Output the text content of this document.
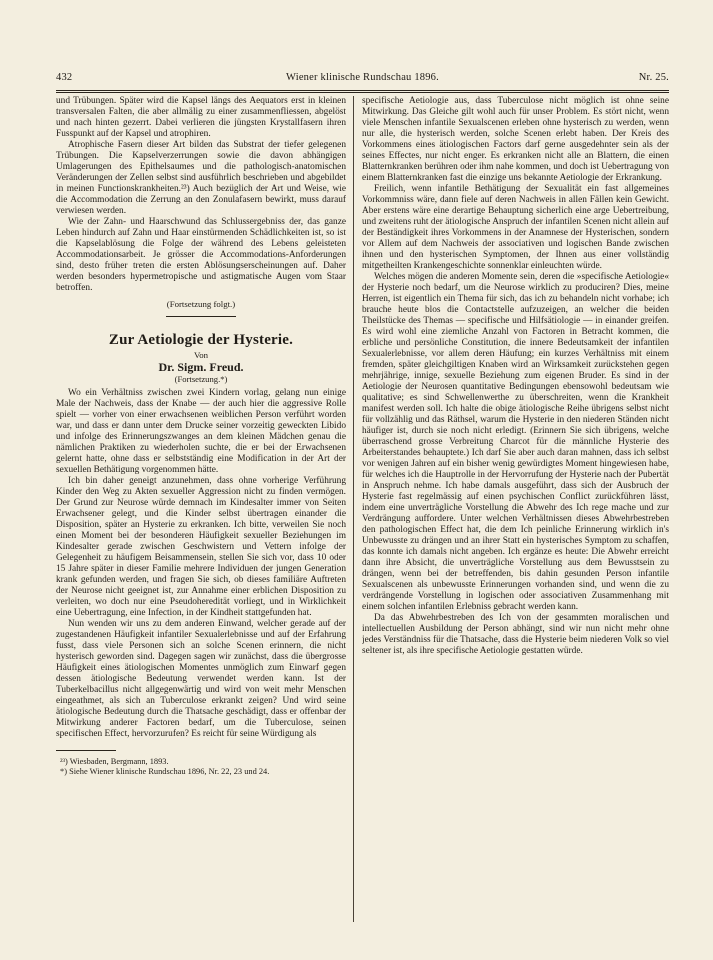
432	Wiener klinische Rundschau 1896.	Nr. 25.

und Trübungen. Später wird die Kapsel längs des Aequators erst in kleinen transversalen Falten, die aber allmälig zu einer zusammenfliessen, abgelöst und nach hinten gezerrt. Dabei verlieren die jüngsten Krystallfasern ihren Fusspunkt auf der Kapsel und atrophiren.

Atrophische Fasern dieser Art bilden das Substrat der tiefer gelegenen Trübungen. Die Kapselverzerrungen sowie die davon abhängigen Umlagerungen des Epithelsaumes und die pathologisch-anatomischen Veränderungen der Zellen selbst sind ausführlich beschrieben und abgebildet in meinen Functionskrankheiten.²³) Auch bezüglich der Art und Weise, wie die Accommodation die Zerrung an den Zonulafasern bewirkt, muss darauf verwiesen werden.

Wie der Zahn- und Haarschwund das Schlussergebniss der, das ganze Leben hindurch auf Zahn und Haar einstürmenden Schädlichkeiten ist, so ist die Kapselablösung die Folge der während des Lebens geleisteten Accommodationsarbeit. Je grösser die Accommodations-Anforderungen sind, desto früher treten die ersten Ablösungserscheinungen auf. Daher werden besonders hypermetropische und astigmatische Augen vom Staar betroffen.

(Fortsetzung folgt.)
Zur Aetiologie der Hysterie.
Von
Dr. Sigm. Freud.
(Fortsetzung.*)

Wo ein Verhältniss zwischen zwei Kindern vorlag, gelang nun einige Male der Nachweis, dass der Knabe — der auch hier die aggressive Rolle spielt — vorher von einer erwachsenen weiblichen Person verführt worden war, und dass er dann unter dem Drucke seiner vorzeitig geweckten Libido und infolge des Erinnerungszwanges an dem kleinen Mädchen genau die nämlichen Praktiken zu wiederholen suchte, die er bei der Erwachsenen gelernt hatte, ohne dass er selbstständig eine Modification in der Art der sexuellen Bethätigung vorgenommen hätte.

Ich bin daher geneigt anzunehmen, dass ohne vorherige Verführung Kinder den Weg zu Akten sexueller Aggression nicht zu finden vermögen. Der Grund zur Neurose würde demnach im Kindesalter immer von Seiten Erwachsener gelegt, und die Kinder selbst übertragen einander die Disposition, später an Hysterie zu erkranken. Ich bitte, verweilen Sie noch einen Moment bei der besonderen Häufigkeit sexueller Beziehungen im Kindesalter gerade zwischen Geschwistern und Vettern infolge der Gelegenheit zu häufigem Beisammensein, stellen Sie sich vor, dass 10 oder 15 Jahre später in dieser Familie mehrere Individuen der jungen Generation krank gefunden werden, und fragen Sie sich, ob dieses familiäre Auftreten der Neurose nicht geeignet ist, zur Annahme einer erblichen Disposition zu verleiten, wo doch nur eine Pseudoheredität vorliegt, und in Wirklichkeit eine Uebertragung, eine Infection, in der Kindheit stattgefunden hat.

Nun wenden wir uns zu dem anderen Einwand, welcher gerade auf der zugestandenen Häufigkeit infantiler Sexualerlebnisse und auf der Erfahrung fusst, dass viele Personen sich an solche Scenen erinnern, die nicht hysterisch geworden sind. Dagegen sagen wir zunächst, dass die übergrosse Häufigkeit eines ätiologischen Momentes unmöglich zum Einwarf gegen dessen ätiologische Bedeutung verwendet werden kann. Ist der Tuberkelbacillus nicht allgegenwärtig und wird von weit mehr Menschen eingeathmet, als sich an Tuberculose erkrankt zeigen? Und wird seine ätiologische Bedeutung durch die Thatsache geschädigt, dass er offenbar der Mitwirkung anderer Factoren bedarf, um die Tuberculose, seinen specifischen Effect, hervorzurufen? Es reicht für seine Würdigung als

²³) Wiesbaden, Bergmann, 1893.
*) Siehe Wiener klinische Rundschau 1896, Nr. 22, 23 und 24.

specifische Aetiologie aus, dass Tuberculose nicht möglich ist ohne seine Mitwirkung. Das Gleiche gilt wohl auch für unser Problem. Es stört nicht, wenn viele Menschen infantile Sexualscenen erleben ohne hysterisch zu werden, wenn nur alle, die hysterisch werden, solche Scenen erlebt haben. Der Kreis des Vorkommens eines ätiologischen Factors darf gerne ausgedehnter sein als der seines Effectes, nur nicht enger. Es erkranken nicht alle an Blattern, die einen Blatternkranken berühren oder ihm nahe kommen, und doch ist Uebertragung von einem Blatternkranken fast die einzige uns bekannte Aetiologie der Erkrankung.

Freilich, wenn infantile Bethätigung der Sexualität ein fast allgemeines Vorkommniss wäre, dann fiele auf deren Nachweis in allen Fällen kein Gewicht. Aber erstens wäre eine derartige Behauptung sicherlich eine arge Uebertreibung, und zweitens ruht der ätiologische Anspruch der infantilen Scenen nicht allein auf der Beständigkeit ihres Vorkommens in der Anamnese der Hysterischen, sondern vor Allem auf dem Nachweis der associativen und logischen Bande zwischen ihnen und den hysterischen Symptomen, der Ihnen aus einer vollständig mitgetheilten Krankengeschichte sonnenklar einleuchten würde.

Welches mögen die anderen Momente sein, deren die »specifische Aetiologie« der Hysterie noch bedarf, um die Neurose wirklich zu produciren? Dies, meine Herren, ist eigentlich ein Thema für sich, das ich zu behandeln nicht vorhabe; ich brauche heute blos die Contactstelle aufzuzeigen, an welcher die beiden Theilstücke des Themas — specifische und Hilfsätiologie — in einander greifen. Es wird wohl eine ziemliche Anzahl von Factoren in Betracht kommen, die erbliche und persönliche Constitution, die innere Bedeutsamkeit der infantilen Sexualerlebnisse, vor allem deren Häufung; ein kurzes Verhältniss mit einem fremden, später gleichgiltigen Knaben wird an Wirksamkeit zurückstehen gegen mehrjährige, innige, sexuelle Beziehung zum eigenen Bruder. Es sind in der Aetiologie der Neurosen quantitative Bedingungen ebensowohl bedeutsam wie qualitative; es sind Schwellenwerthe zu überschreiten, wenn die Krankheit manifest werden soll. Ich halte die obige ätiologische Reihe übrigens selbst nicht für vollzählig und das Räthsel, warum die Hysterie in den niederen Ständen nicht häufiger ist, durch sie noch nicht erledigt. (Erinnern Sie sich übrigens, welche überraschend grosse Verbreitung Charcot für die männliche Hysterie des Arbeiterstandes behauptete.) Ich darf Sie aber auch daran mahnen, dass ich selbst vor wenigen Jahren auf ein bisher wenig gewürdigtes Moment hingewiesen habe, für welches ich die Hauptrolle in der Hervorrufung der Hysterie nach der Pubertät in Anspruch nehme. Ich habe damals ausgeführt, dass sich der Ausbruch der Hysterie fast regelmässig auf einen psychischen Conflict zurückführen lässt, indem eine unverträgliche Vorstellung die Abwehr des Ich rege mache und zur Verdrängung auffordere. Unter welchen Verhältnissen dieses Abwehrbestreben den pathologischen Effect hat, die dem Ich peinliche Erinnerung wirklich in's Unbewusste zu drängen und an ihrer Statt ein hysterisches Symptom zu schaffen, das konnte ich damals nicht angeben. Ich ergänze es heute: Die Abwehr erreicht dann ihre Absicht, die unverträgliche Vorstellung aus dem Bewusstsein zu drängen, wenn bei der betreffenden, bis dahin gesunden Person infantile Sexualscenen als unbewusste Erinnerungen vorhanden sind, und wenn die zu verdrängende Vorstellung in logischen oder associativen Zusammenhang mit einem solchen infantilen Erlebniss gebracht werden kann.

Da das Abwehrbestreben des Ich von der gesammten moralischen und intellectuellen Ausbildung der Person abhängt, sind wir nun nicht mehr ohne jedes Verständniss für die Thatsache, dass die Hysterie beim niederen Volk so viel seltener ist, als ihre specifische Aetiologie gestatten würde.
